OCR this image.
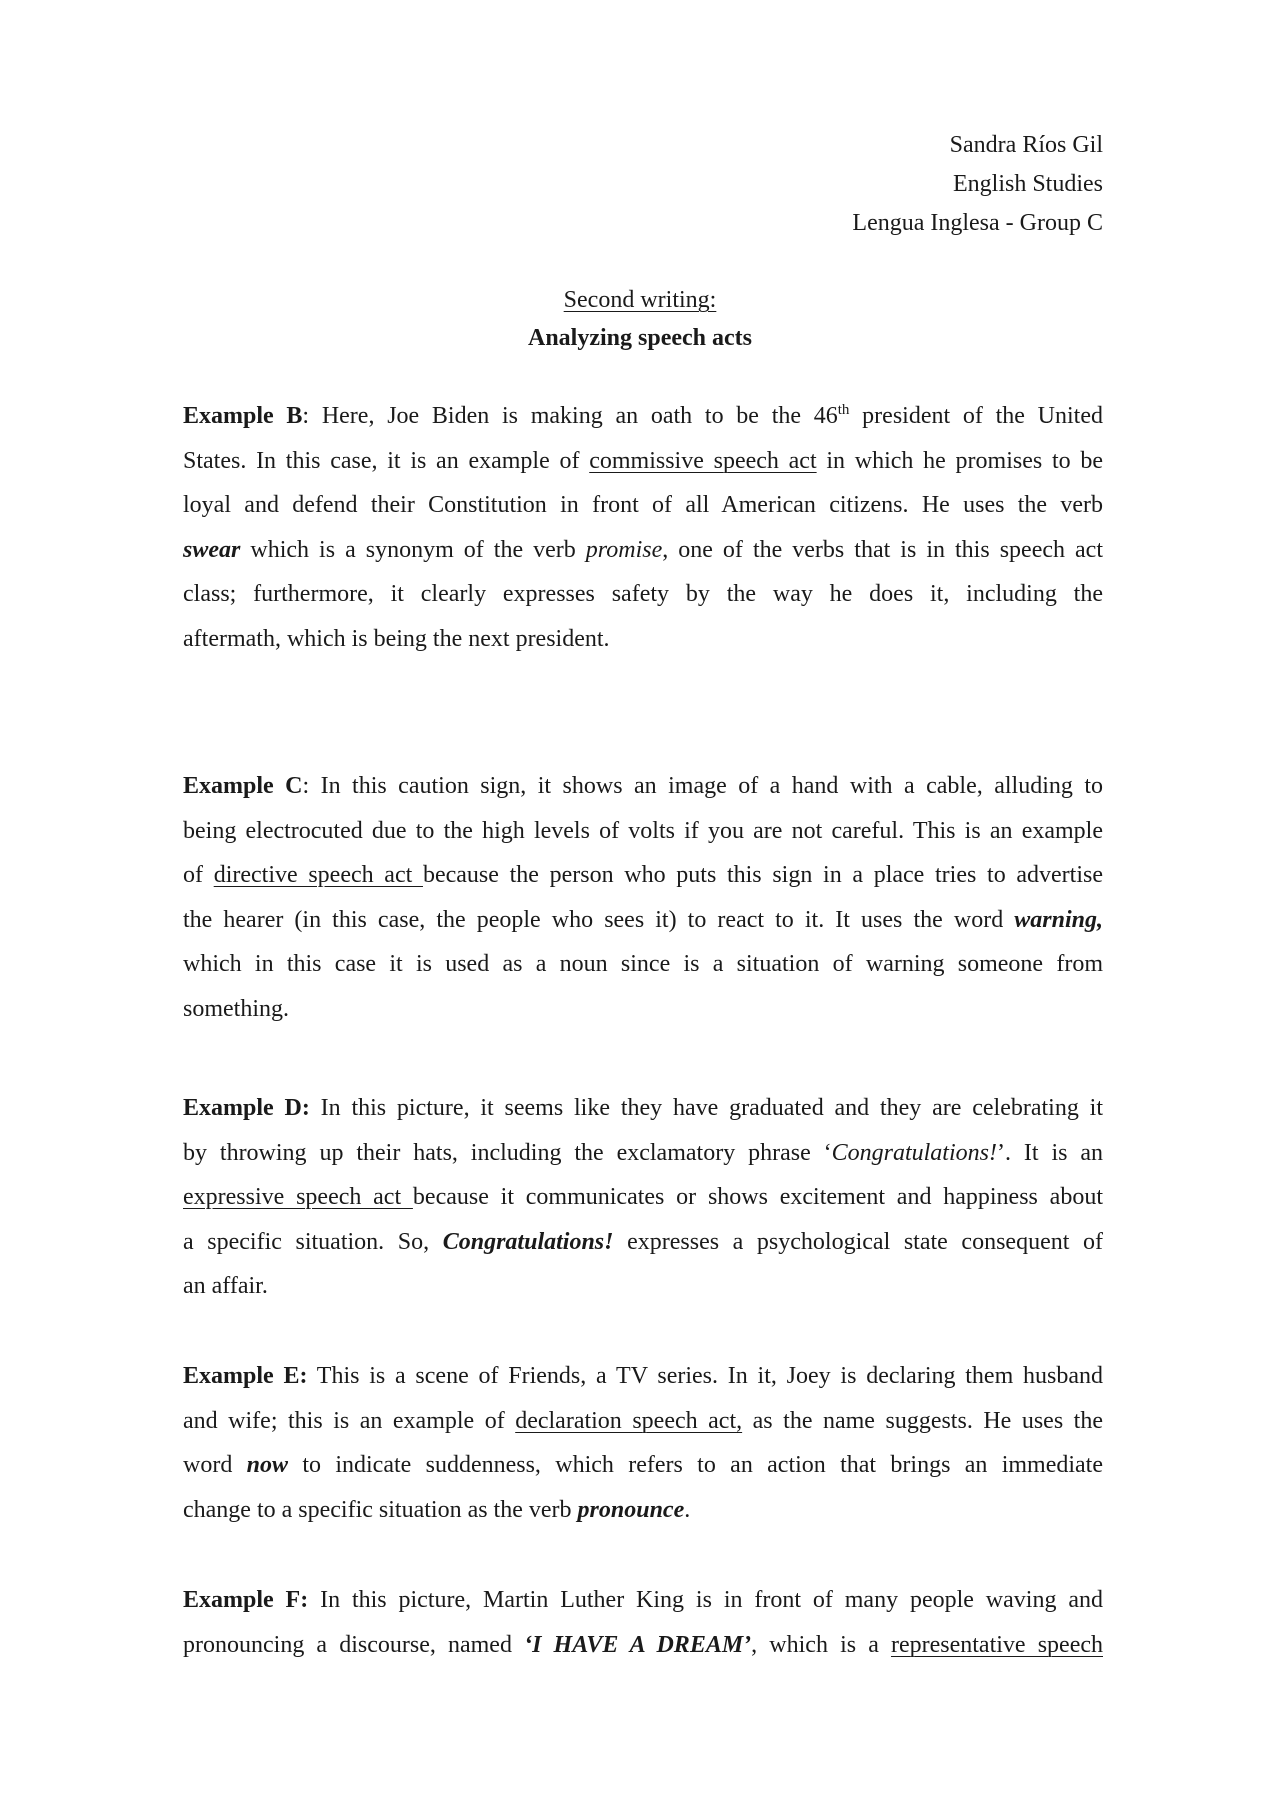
Sandra Ríos Gil
English Studies
Lengua Inglesa - Group C
Second writing:
Analyzing speech acts
Example B: Here, Joe Biden is making an oath to be the 46th president of the United
States. In this case, it is an example of commissive speech act in which he promises to be
loyal and defend their Constitution in front of all American citizens. He uses the verb
swear which is a synonym of the verb promise, one of the verbs that is in this speech act
class; furthermore, it clearly expresses safety by the way he does it, including the
aftermath, which is being the next president.
Example C: In this caution sign, it shows an image of a hand with a cable, alluding to
being electrocuted due to the high levels of volts if you are not careful. This is an example
of directive speech act because the person who puts this sign in a place tries to advertise
the hearer (in this case, the people who sees it) to react to it. It uses the word warning,
which in this case it is used as a noun since is a situation of warning someone from
something.
Example D: In this picture, it seems like they have graduated and they are celebrating it
by throwing up their hats, including the exclamatory phrase ‘Congratulations!’. It is an
expressive speech act because it communicates or shows excitement and happiness about
a specific situation. So, Congratulations! expresses a psychological state consequent of
an affair.
Example E: This is a scene of Friends, a TV series. In it, Joey is declaring them husband
and wife; this is an example of declaration speech act, as the name suggests. He uses the
word now to indicate suddenness, which refers to an action that brings an immediate
change to a specific situation as the verb pronounce.
Example F: In this picture, Martin Luther King is in front of many people waving and
pronouncing a discourse, named ‘I HAVE A DREAM’, which is a representative speech
